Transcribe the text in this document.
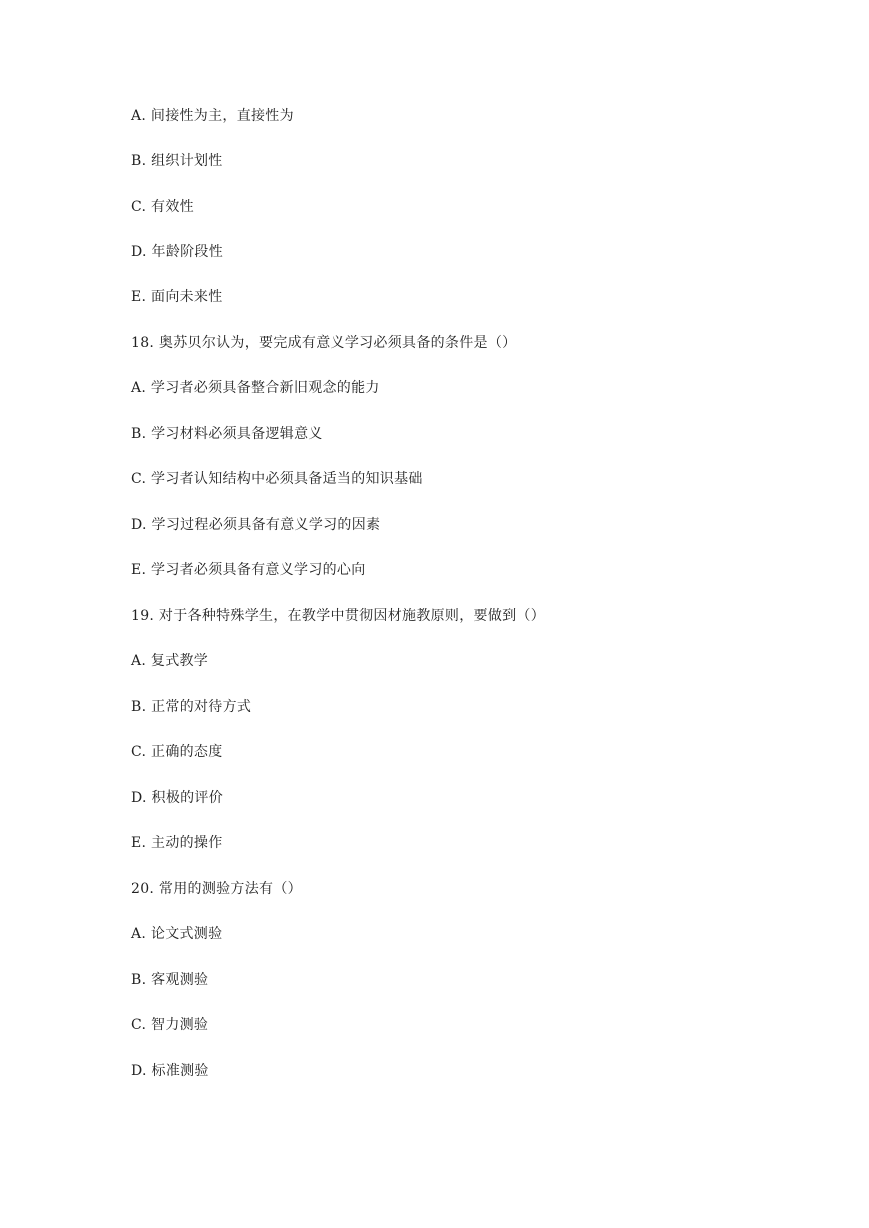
A. 间接性为主，直接性为
B. 组织计划性
C. 有效性
D. 年龄阶段性
E. 面向未来性
18. 奥苏贝尔认为，要完成有意义学习必须具备的条件是（）
A. 学习者必须具备整合新旧观念的能力
B. 学习材料必须具备逻辑意义
C. 学习者认知结构中必须具备适当的知识基础
D. 学习过程必须具备有意义学习的因素
E. 学习者必须具备有意义学习的心向
19. 对于各种特殊学生，在教学中贯彻因材施教原则，要做到（）
A. 复式教学
B. 正常的对待方式
C. 正确的态度
D. 积极的评价
E. 主动的操作
20. 常用的测验方法有（）
A. 论文式测验
B. 客观测验
C. 智力测验
D. 标准测验
